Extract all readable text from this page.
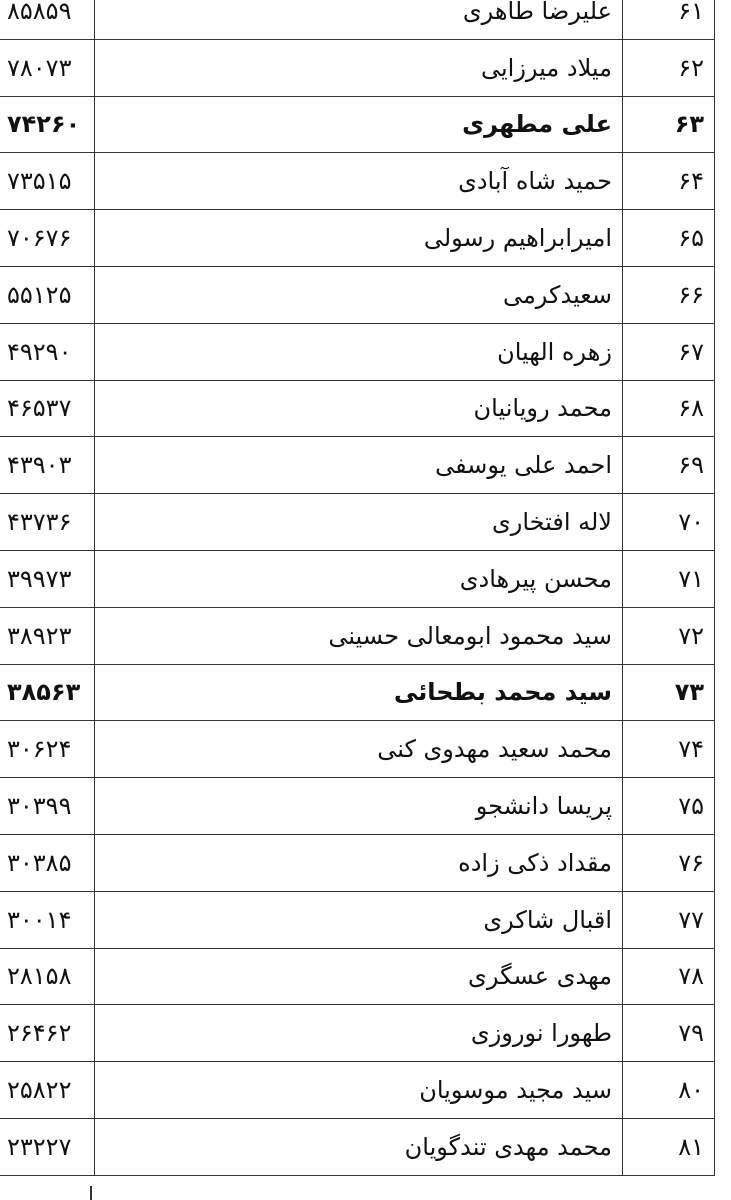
۶۱	علیرضا طاهری	۸۵۸۵۹
۶۲	میلاد میرزایی	۷۸۰۷۳
۶۳	علی مطهری	۷۴۲۶۰
۶۴	حمید شاه آبادی	۷۳۵۱۵
۶۵	امیرابراهیم رسولی	۷۰۶۷۶
۶۶	سعیدکرمی	۵۵۱۲۵
۶۷	زهره الهیان	۴۹۲۹۰
۶۸	محمد رویانیان	۴۶۵۳۷
۶۹	احمد علی یوسفی	۴۳۹۰۳
۷۰	لاله افتخاری	۴۳۷۳۶
۷۱	محسن پیرهادی	۳۹۹۷۳
۷۲	سید محمود ابومعالی حسینی	۳۸۹۲۳
۷۳	سید محمد بطحائی	۳۸۵۶۳
۷۴	محمد سعید مهدوی کنی	۳۰۶۲۴
۷۵	پریسا دانشجو	۳۰۳۹۹
۷۶	مقداد ذکی زاده	۳۰۳۸۵
۷۷	اقبال شاکری	۳۰۰۱۴
۷۸	مهدی عسگری	۲۸۱۵۸
۷۹	طهورا نوروزی	۲۶۴۶۲
۸۰	سید مجید موسویان	۲۵۸۲۲
۸۱	محمد مهدی تندگویان	۲۳۲۲۷
